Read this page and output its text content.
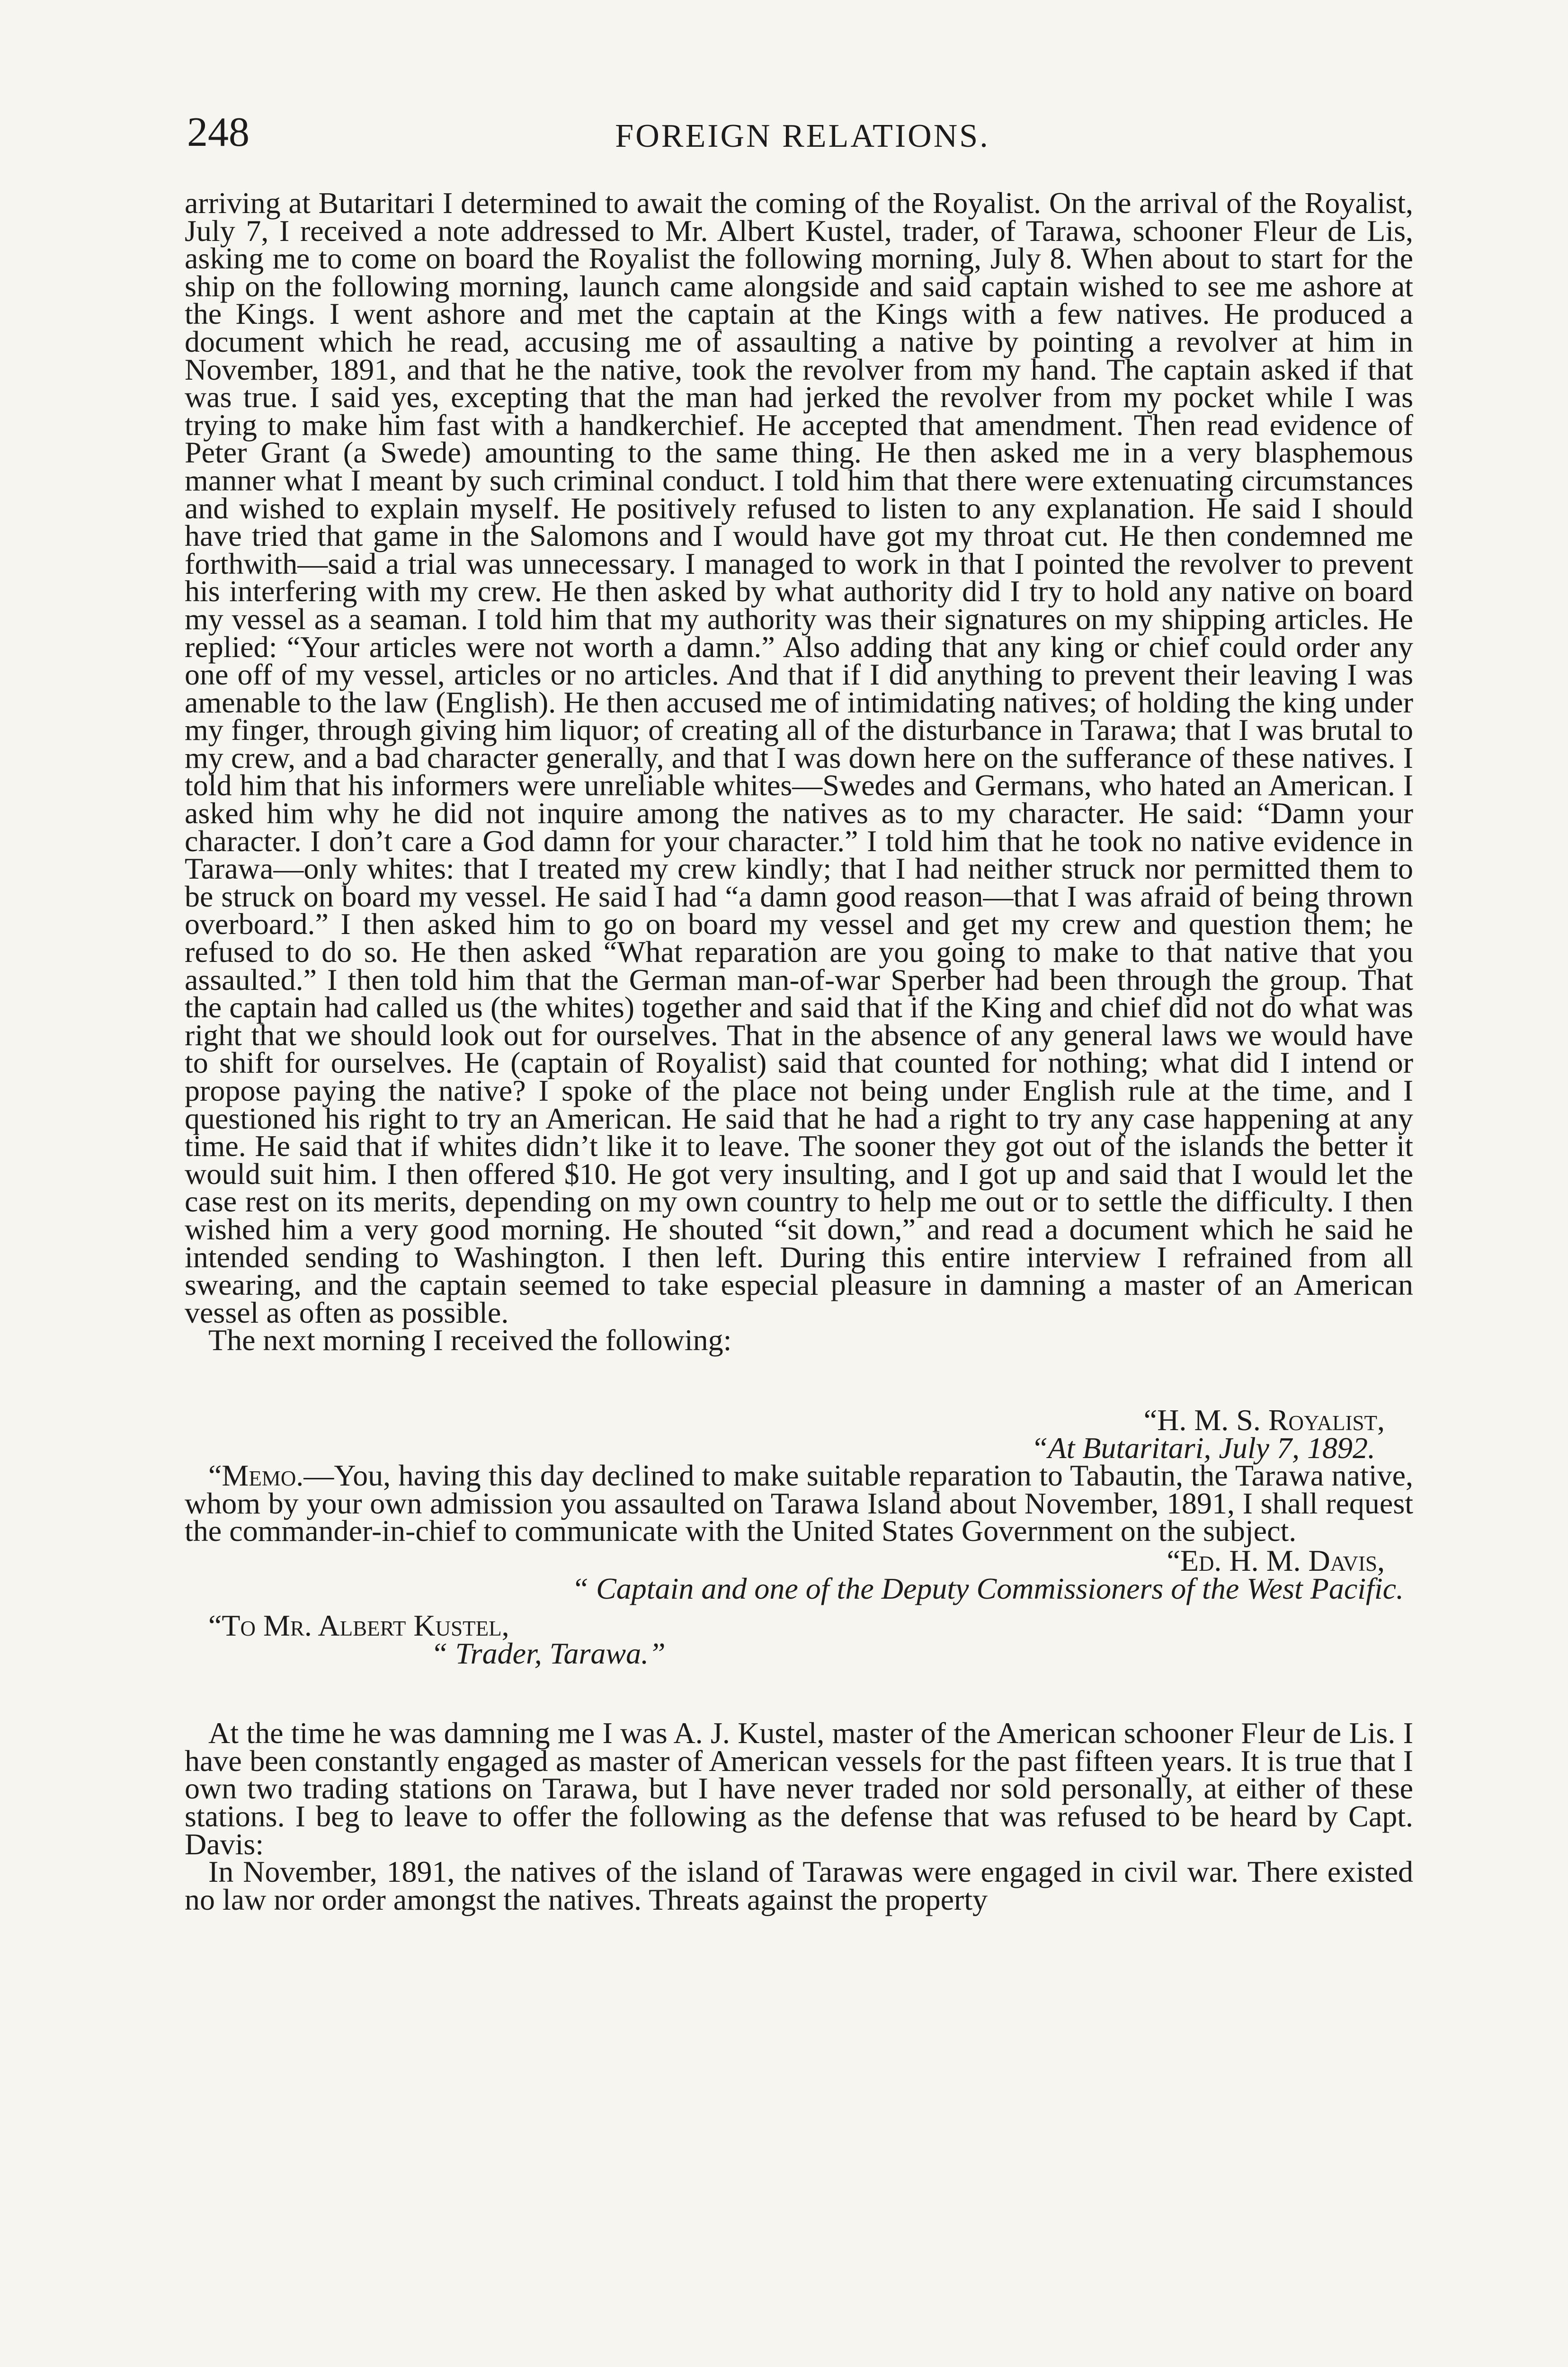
248	FOREIGN RELATIONS.

arriving at Butaritari I determined to await the coming of the Royalist. On the arrival of the Royalist, July 7, I received a note addressed to Mr. Albert Kustel, trader, of Tarawa, schooner Fleur de Lis, asking me to come on board the Royalist the following morning, July 8. When about to start for the ship on the following morning, launch came alongside and said captain wished to see me ashore at the Kings. I went ashore and met the captain at the Kings with a few natives. He produced a document which he read, accusing me of assaulting a native by pointing a revolver at him in November, 1891, and that he the native, took the revolver from my hand. The captain asked if that was true. I said yes, excepting that the man had jerked the revolver from my pocket while I was trying to make him fast with a handkerchief. He accepted that amendment. Then read evidence of Peter Grant (a Swede) amounting to the same thing. He then asked me in a very blasphemous manner what I meant by such criminal conduct. I told him that there were extenuating circumstances and wished to explain myself. He positively refused to listen to any explanation. He said I should have tried that game in the Salomons and I would have got my throat cut. He then condemned me forthwith—said a trial was unnecessary. I managed to work in that I pointed the revolver to prevent his interfering with my crew. He then asked by what authority did I try to hold any native on board my vessel as a seaman. I told him that my authority was their signatures on my shipping articles. He replied: “Your articles were not worth a damn.” Also adding that any king or chief could order any one off of my vessel, articles or no articles. And that if I did anything to prevent their leaving I was amenable to the law (English). He then accused me of intimidating natives; of holding the king under my finger, through giving him liquor; of creating all of the disturbance in Tarawa; that I was brutal to my crew, and a bad character generally, and that I was down here on the sufferance of these natives. I told him that his informers were unreliable whites—Swedes and Germans, who hated an American. I asked him why he did not inquire among the natives as to my character. He said: “Damn your character. I don’t care a God damn for your character.” I told him that he took no native evidence in Tarawa—only whites: that I treated my crew kindly; that I had neither struck nor permitted them to be struck on board my vessel. He said I had “a damn good reason—that I was afraid of being thrown overboard.” I then asked him to go on board my vessel and get my crew and question them; he refused to do so. He then asked “What reparation are you going to make to that native that you assaulted.” I then told him that the German man-of-war Sperber had been through the group. That the captain had called us (the whites) together and said that if the King and chief did not do what was right that we should look out for ourselves. That in the absence of any general laws we would have to shift for ourselves. He (captain of Royalist) said that counted for nothing; what did I intend or propose paying the native? I spoke of the place not being under English rule at the time, and I questioned his right to try an American. He said that he had a right to try any case happening at any time. He said that if whites didn’t like it to leave. The sooner they got out of the islands the better it would suit him. I then offered $10. He got very insulting, and I got up and said that I would let the case rest on its merits, depending on my own country to help me out or to settle the difficulty. I then wished him a very good morning. He shouted “sit down,” and read a document which he said he intended sending to Washington. I then left. During this entire interview I refrained from all swearing, and the captain seemed to take especial pleasure in damning a master of an American vessel as often as possible.

The next morning I received the following:

“H. M. S. Royalist,

“At Butaritari, July 7, 1892.

“Memo.—You, having this day declined to make suitable reparation to Tabautin, the Tarawa native, whom by your own admission you assaulted on Tarawa Island about November, 1891, I shall request the commander-in-chief to communicate with the United States Government on the subject.

“Ed. H. M. Davis,

“ Captain and one of the Deputy Commissioners of the West Pacific.

“To Mr. Albert Kustel,

“ Trader, Tarawa.”

At the time he was damning me I was A. J. Kustel, master of the American schooner Fleur de Lis. I have been constantly engaged as master of American vessels for the past fifteen years. It is true that I own two trading stations on Tarawa, but I have never traded nor sold personally, at either of these stations. I beg to leave to offer the following as the defense that was refused to be heard by Capt. Davis:

In November, 1891, the natives of the island of Tarawas were engaged in civil war. There existed no law nor order amongst the natives. Threats against the property
